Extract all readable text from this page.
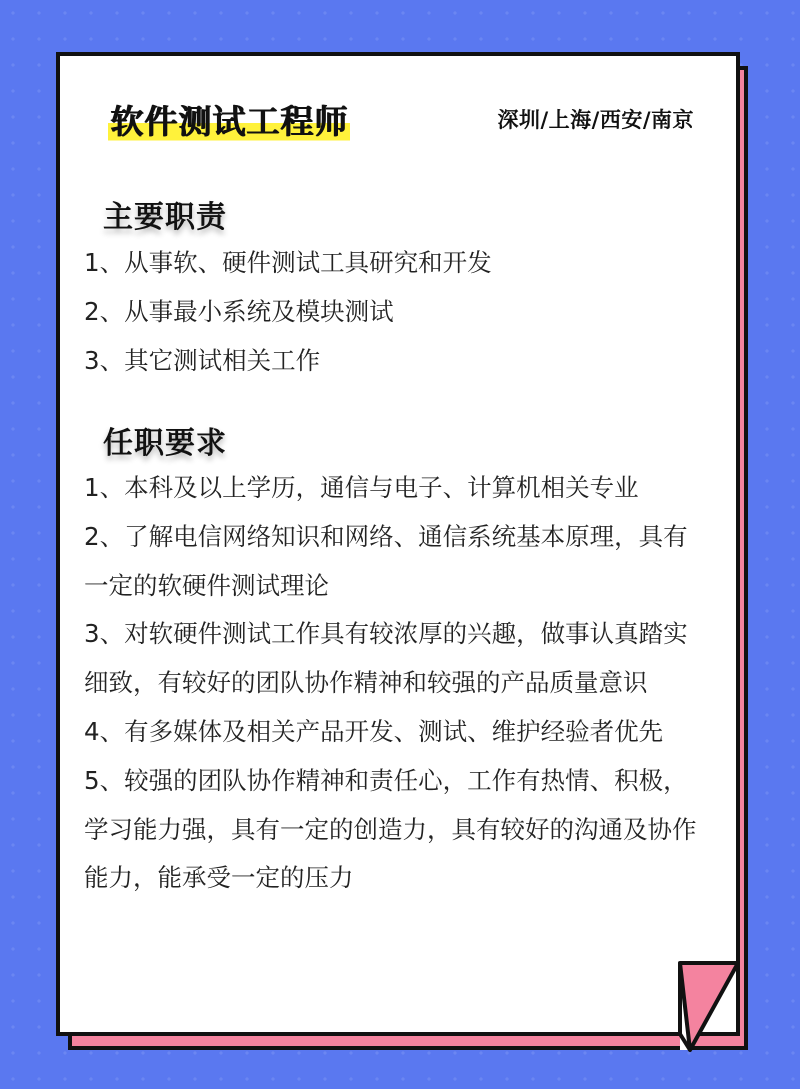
软件测试工程师	深圳/上海/西安/南京
主要职责
1、从事软、硬件测试工具研究和开发
2、从事最小系统及模块测试
3、其它测试相关工作
任职要求
1、本科及以上学历，通信与电子、计算机相关专业
2、了解电信网络知识和网络、通信系统基本原理，具有一定的软硬件测试理论
3、对软硬件测试工作具有较浓厚的兴趣，做事认真踏实细致，有较好的团队协作精神和较强的产品质量意识
4、有多媒体及相关产品开发、测试、维护经验者优先
5、较强的团队协作精神和责任心，工作有热情、积极，学习能力强，具有一定的创造力，具有较好的沟通及协作能力，能承受一定的压力
